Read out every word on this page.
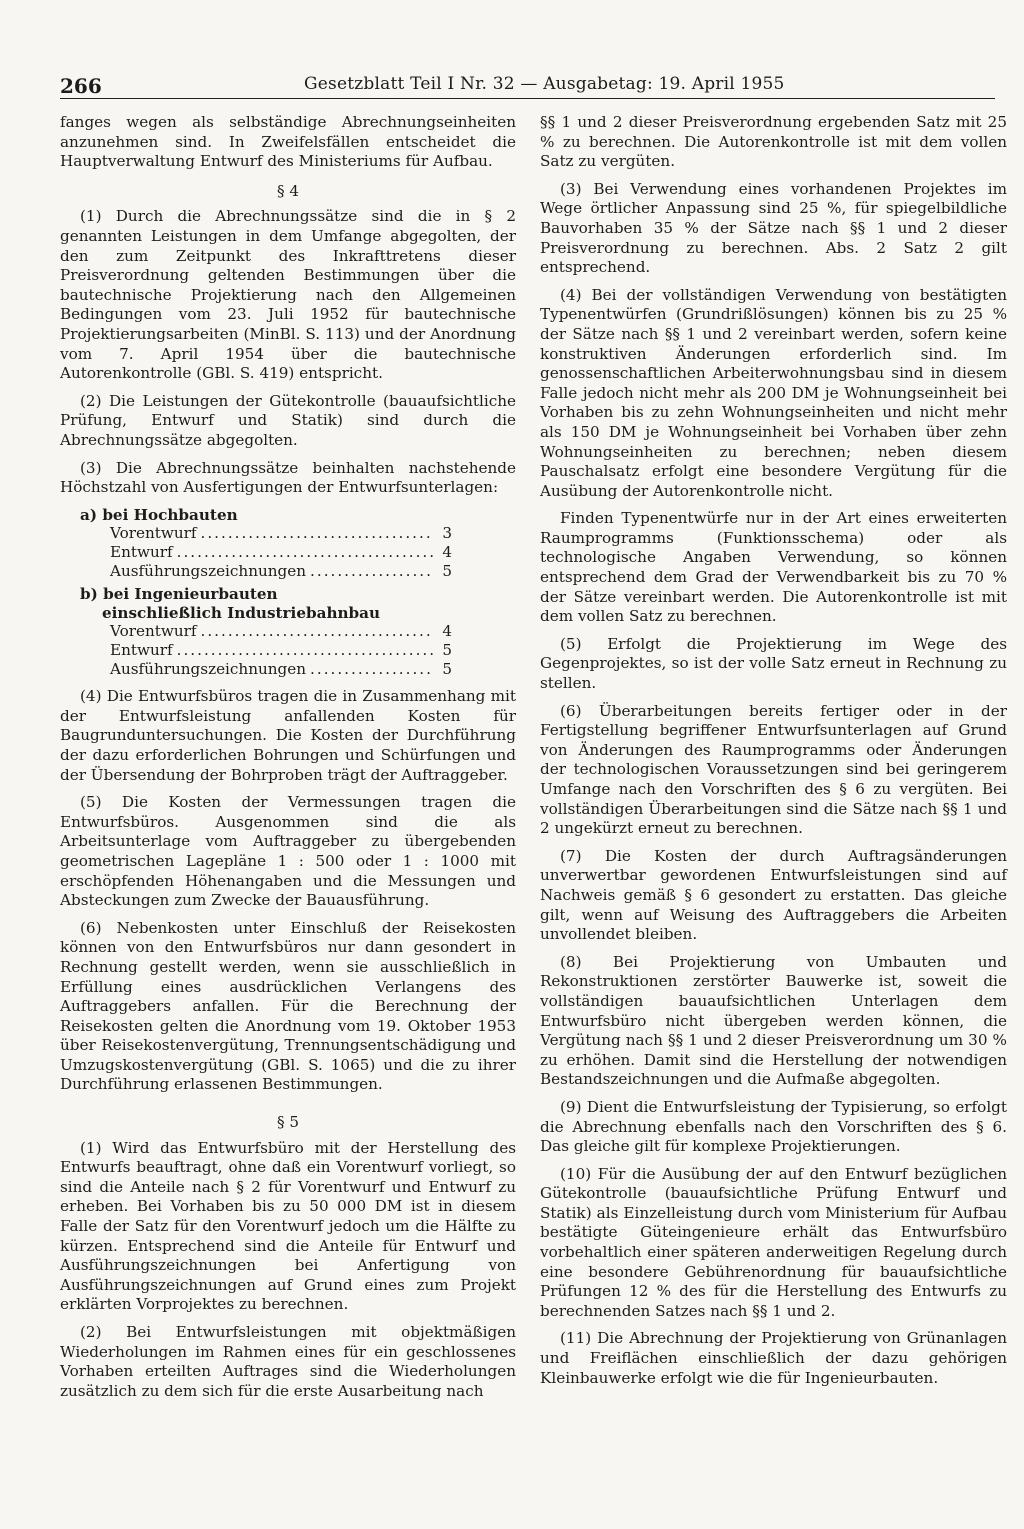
266	Gesetzblatt Teil I Nr. 32 — Ausgabetag: 19. April 1955

fanges wegen als selbständige Abrechnungseinheiten anzunehmen sind. In Zweifelsfällen entscheidet die Hauptverwaltung Entwurf des Ministeriums für Aufbau.

§ 4

(1) Durch die Abrechnungssätze sind die in § 2 genannten Leistungen in dem Umfange abgegolten, der den zum Zeitpunkt des Inkrafttretens dieser Preisverordnung geltenden Bestimmungen über die bautechnische Projektierung nach den Allgemeinen Bedingungen vom 23. Juli 1952 für bautechnische Projektierungsarbeiten (MinBl. S. 113) und der Anordnung vom 7. April 1954 über die bautechnische Autorenkontrolle (GBl. S. 419) entspricht.

(2) Die Leistungen der Gütekontrolle (bauaufsichtliche Prüfung, Entwurf und Statik) sind durch die Abrechnungssätze abgegolten.

(3) Die Abrechnungssätze beinhalten nachstehende Höchstzahl von Ausfertigungen der Entwurfsunterlagen:

a) bei Hochbauten
Vorentwurf .....	3
Entwurf .....	4
Ausführungszeichnungen .....	5
b) bei Ingenieurbauten
einschließlich Industriebahnbau
Vorentwurf .....	4
Entwurf .....	5
Ausführungszeichnungen .....	5

(4) Die Entwurfsbüros tragen die in Zusammenhang mit der Entwurfsleistung anfallenden Kosten für Baugrunduntersuchungen. Die Kosten der Durchführung der dazu erforderlichen Bohrungen und Schürfungen und der Übersendung der Bohrproben trägt der Auftraggeber.

(5) Die Kosten der Vermessungen tragen die Entwurfsbüros. Ausgenommen sind die als Arbeitsunterlage vom Auftraggeber zu übergebenden geometrischen Lagepläne 1 : 500 oder 1 : 1000 mit erschöpfenden Höhenangaben und die Messungen und Absteckungen zum Zwecke der Bauausführung.

(6) Nebenkosten unter Einschluß der Reisekosten können von den Entwurfsbüros nur dann gesondert in Rechnung gestellt werden, wenn sie ausschließlich in Erfüllung eines ausdrücklichen Verlangens des Auftraggebers anfallen. Für die Berechnung der Reisekosten gelten die Anordnung vom 19. Oktober 1953 über Reisekostenvergütung, Trennungsentschädigung und Umzugskostenvergütung (GBl. S. 1065) und die zu ihrer Durchführung erlassenen Bestimmungen.

§ 5

(1) Wird das Entwurfsbüro mit der Herstellung des Entwurfs beauftragt, ohne daß ein Vorentwurf vorliegt, so sind die Anteile nach § 2 für Vorentwurf und Entwurf zu erheben. Bei Vorhaben bis zu 50 000 DM ist in diesem Falle der Satz für den Vorentwurf jedoch um die Hälfte zu kürzen. Entsprechend sind die Anteile für Entwurf und Ausführungszeichnungen bei Anfertigung von Ausführungszeichnungen auf Grund eines zum Projekt erklärten Vorprojektes zu berechnen.

(2) Bei Entwurfsleistungen mit objektmäßigen Wiederholungen im Rahmen eines für ein geschlossenes Vorhaben erteilten Auftrages sind die Wiederholungen zusätzlich zu dem sich für die erste Ausarbeitung nach

§§ 1 und 2 dieser Preisverordnung ergebenden Satz mit 25 % zu berechnen. Die Autorenkontrolle ist mit dem vollen Satz zu vergüten.

(3) Bei Verwendung eines vorhandenen Projektes im Wege örtlicher Anpassung sind 25 %, für spiegelbildliche Bauvorhaben 35 % der Sätze nach §§ 1 und 2 dieser Preisverordnung zu berechnen. Abs. 2 Satz 2 gilt entsprechend.

(4) Bei der vollständigen Verwendung von bestätigten Typenentwürfen (Grundrißlösungen) können bis zu 25 % der Sätze nach §§ 1 und 2 vereinbart werden, sofern keine konstruktiven Änderungen erforderlich sind. Im genossenschaftlichen Arbeiterwohnungsbau sind in diesem Falle jedoch nicht mehr als 200 DM je Wohnungseinheit bei Vorhaben bis zu zehn Wohnungseinheiten und nicht mehr als 150 DM je Wohnungseinheit bei Vorhaben über zehn Wohnungseinheiten zu berechnen; neben diesem Pauschalsatz erfolgt eine besondere Vergütung für die Ausübung der Autorenkontrolle nicht.

Finden Typenentwürfe nur in der Art eines erweiterten Raumprogramms (Funktionsschema) oder als technologische Angaben Verwendung, so können entsprechend dem Grad der Verwendbarkeit bis zu 70 % der Sätze vereinbart werden. Die Autorenkontrolle ist mit dem vollen Satz zu berechnen.

(5) Erfolgt die Projektierung im Wege des Gegenprojektes, so ist der volle Satz erneut in Rechnung zu stellen.

(6) Überarbeitungen bereits fertiger oder in der Fertigstellung begriffener Entwurfsunterlagen auf Grund von Änderungen des Raumprogramms oder Änderungen der technologischen Voraussetzungen sind bei geringerem Umfange nach den Vorschriften des § 6 zu vergüten. Bei vollständigen Überarbeitungen sind die Sätze nach §§ 1 und 2 ungekürzt erneut zu berechnen.

(7) Die Kosten der durch Auftragsänderungen unverwertbar gewordenen Entwurfsleistungen sind auf Nachweis gemäß § 6 gesondert zu erstatten. Das gleiche gilt, wenn auf Weisung des Auftraggebers die Arbeiten unvollendet bleiben.

(8) Bei Projektierung von Umbauten und Rekonstruktionen zerstörter Bauwerke ist, soweit die vollständigen bauaufsichtlichen Unterlagen dem Entwurfsbüro nicht übergeben werden können, die Vergütung nach §§ 1 und 2 dieser Preisverordnung um 30 % zu erhöhen. Damit sind die Herstellung der notwendigen Bestandszeichnungen und die Aufmaße abgegolten.

(9) Dient die Entwurfsleistung der Typisierung, so erfolgt die Abrechnung ebenfalls nach den Vorschriften des § 6. Das gleiche gilt für komplexe Projektierungen.

(10) Für die Ausübung der auf den Entwurf bezüglichen Gütekontrolle (bauaufsichtliche Prüfung Entwurf und Statik) als Einzelleistung durch vom Ministerium für Aufbau bestätigte Güteingenieure erhält das Entwurfsbüro vorbehaltlich einer späteren anderweitigen Regelung durch eine besondere Gebührenordnung für bauaufsichtliche Prüfungen 12 % des für die Herstellung des Entwurfs zu berechnenden Satzes nach §§ 1 und 2.

(11) Die Abrechnung der Projektierung von Grünanlagen und Freiflächen einschließlich der dazu gehörigen Kleinbauwerke erfolgt wie die für Ingenieurbauten.
